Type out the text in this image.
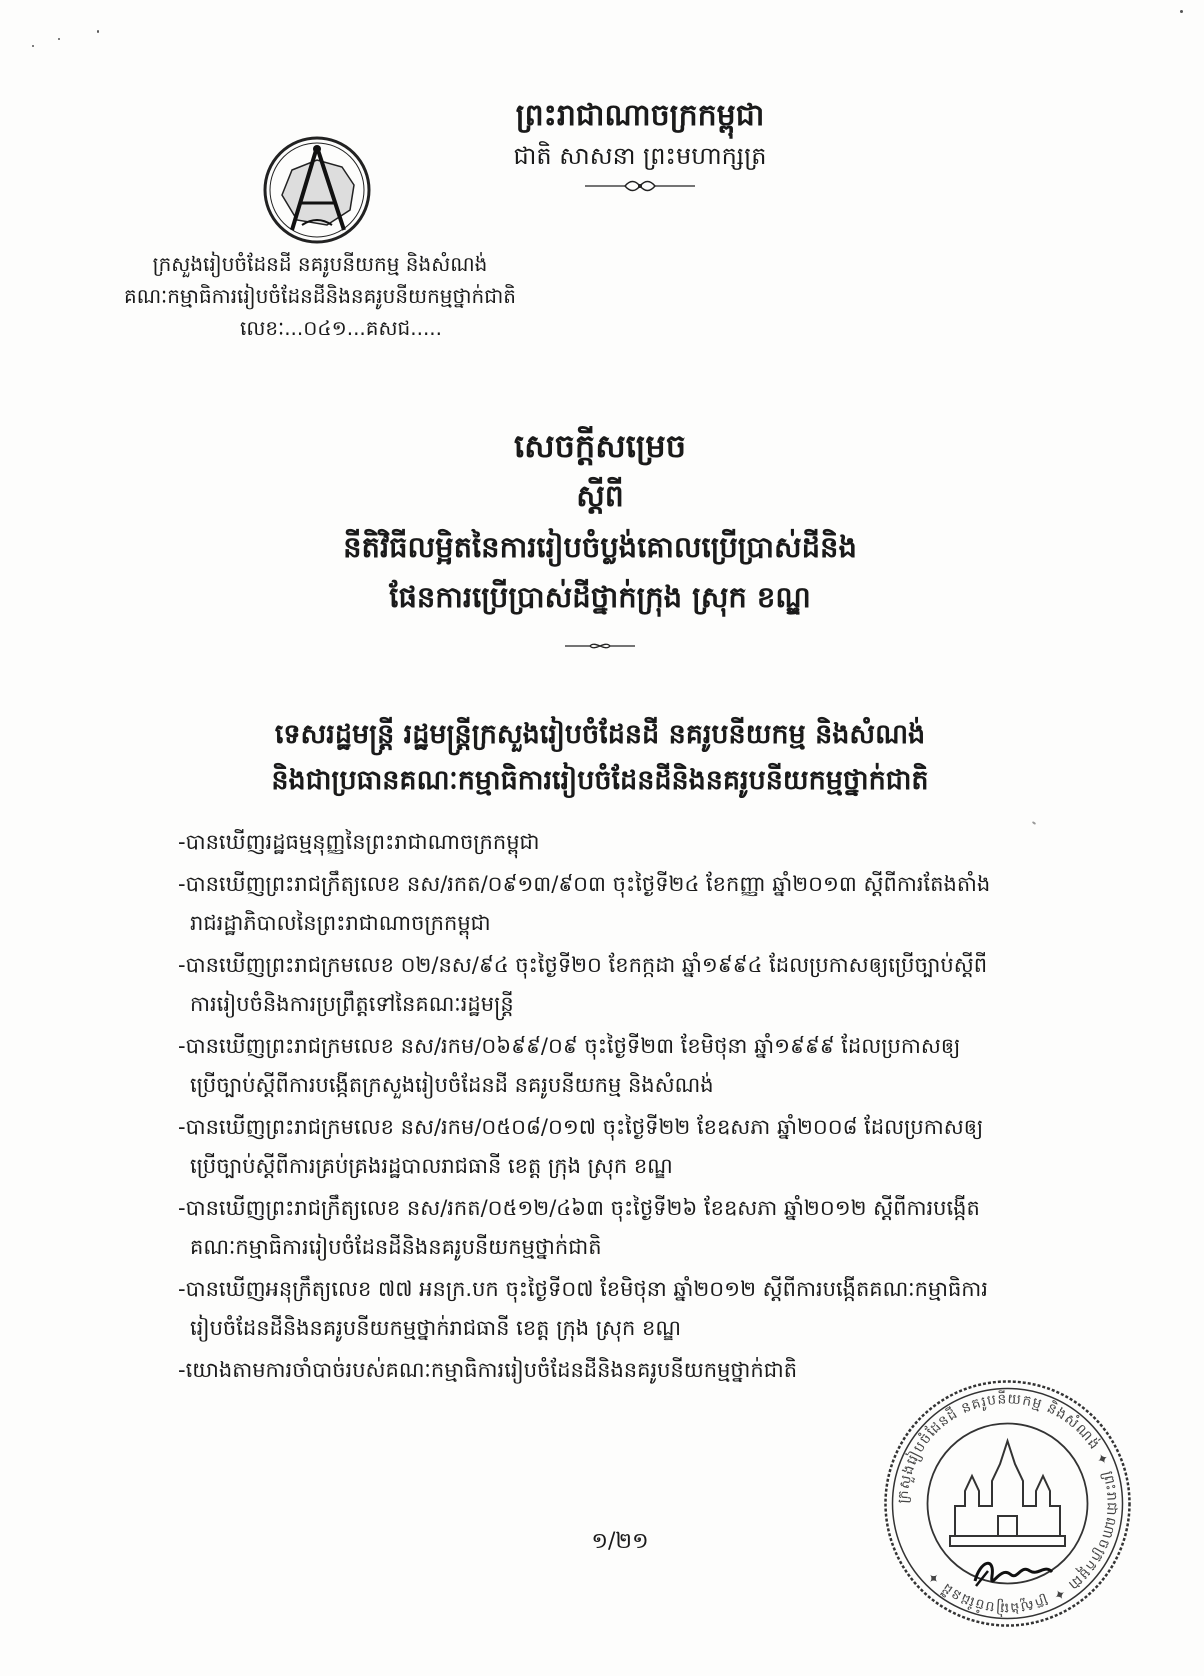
ព្រះរាជាណាចក្រកម្ពុជា
ជាតិ សាសនា ព្រះមហាក្សត្រ
ក្រសួងរៀបចំដែនដី នគរូបនីយកម្ម និងសំណង់
គណៈកម្មាធិការរៀបចំដែនដីនិងនគរូបនីយកម្មថ្នាក់ជាតិ
លេខៈ...០៤១...គសជ.....
សេចក្តីសម្រេច
ស្តីពី
នីតិវិធីលម្អិតនៃការរៀបចំប្លង់គោលប្រើប្រាស់ដីនិង
ផែនការប្រើប្រាស់ដីថ្នាក់ក្រុង ស្រុក ខណ្ឌ
ទេសរដ្ឋមន្ត្រី រដ្ឋមន្ត្រីក្រសួងរៀបចំដែនដី នគរូបនីយកម្ម និងសំណង់
និងជាប្រធានគណៈកម្មាធិការរៀបចំដែនដីនិងនគរូបនីយកម្មថ្នាក់ជាតិ
-បានឃើញរដ្ឋធម្មនុញ្ញនៃព្រះរាជាណាចក្រកម្ពុជា
-បានឃើញព្រះរាជក្រឹត្យលេខ នស/រកត/០៩១៣/៩០៣ ចុះថ្ងៃទី២៤ ខែកញ្ញា ឆ្នាំ២០១៣ ស្តីពីការតែងតាំង
រាជរដ្ឋាភិបាលនៃព្រះរាជាណាចក្រកម្ពុជា
-បានឃើញព្រះរាជក្រមលេខ ០២/នស/៩៤ ចុះថ្ងៃទី២០ ខែកក្កដា ឆ្នាំ១៩៩៤ ដែលប្រកាសឲ្យប្រើច្បាប់ស្តីពី
ការរៀបចំនិងការប្រព្រឹត្តទៅនៃគណៈរដ្ឋមន្ត្រី
-បានឃើញព្រះរាជក្រមលេខ នស/រកម/០៦៩៩/០៩ ចុះថ្ងៃទី២៣ ខែមិថុនា ឆ្នាំ១៩៩៩ ដែលប្រកាសឲ្យ
ប្រើច្បាប់ស្តីពីការបង្កើតក្រសួងរៀបចំដែនដី នគរូបនីយកម្ម និងសំណង់
-បានឃើញព្រះរាជក្រមលេខ នស/រកម/០៥០៨/០១៧ ចុះថ្ងៃទី២២ ខែឧសភា ឆ្នាំ២០០៨ ដែលប្រកាសឲ្យ
ប្រើច្បាប់ស្តីពីការគ្រប់គ្រងរដ្ឋបាលរាជធានី ខេត្ត ក្រុង ស្រុក ខណ្ឌ
-បានឃើញព្រះរាជក្រឹត្យលេខ នស/រកត/០៥១២/៤៦៣ ចុះថ្ងៃទី២៦ ខែឧសភា ឆ្នាំ២០១២ ស្តីពីការបង្កើត
គណៈកម្មាធិការរៀបចំដែនដីនិងនគរូបនីយកម្មថ្នាក់ជាតិ
-បានឃើញអនុក្រឹត្យលេខ ៧៧ អនក្រ.បក ចុះថ្ងៃទី០៧ ខែមិថុនា ឆ្នាំ២០១២ ស្តីពីការបង្កើតគណៈកម្មាធិការ
រៀបចំដែនដីនិងនគរូបនីយកម្មថ្នាក់រាជធានី ខេត្ត ក្រុង ស្រុក ខណ្ឌ
-យោងតាមការចាំបាច់របស់គណៈកម្មាធិការរៀបចំដែនដីនិងនគរូបនីយកម្មថ្នាក់ជាតិ
១/២១
ក្រសួងរៀបចំដែនដី នគរូបនីយកម្ម និងសំណង់ ✦ ព្រះរាជាណាចក្រកម្ពុជា ✦ ក្រសួងរៀបចំដែនដី ✦
